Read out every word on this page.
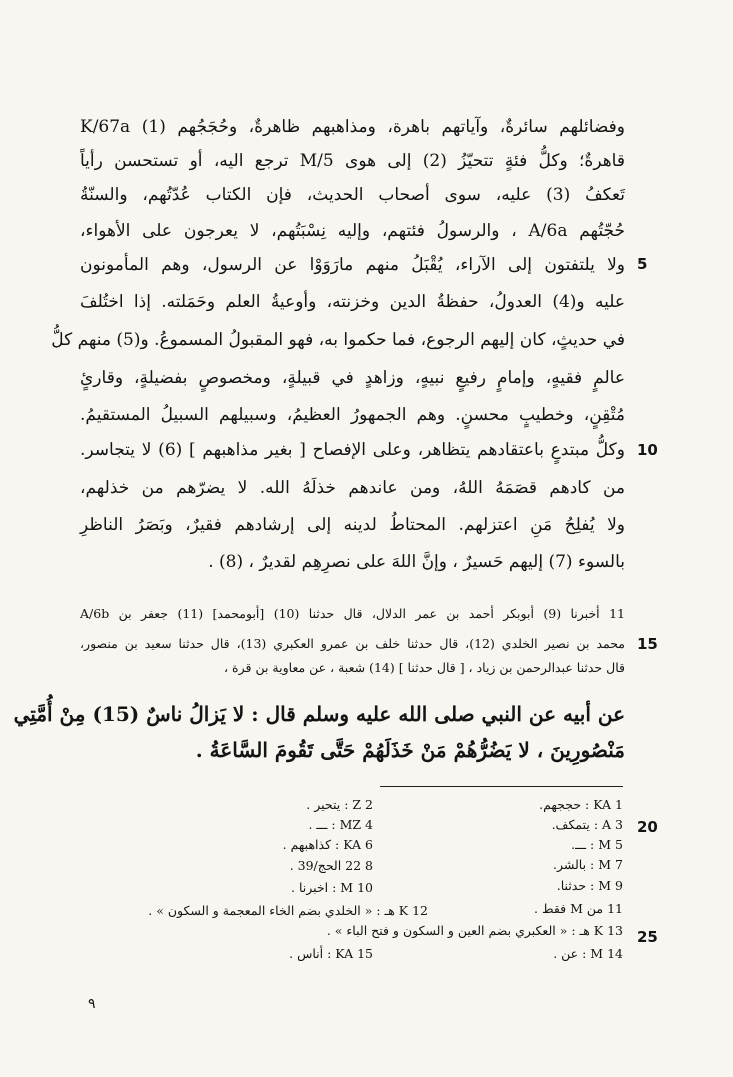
وفضائلهم سائرةٌ، وآياتهم باهرة، ومذاهبهم ظاهرةٌ، وحُجَجُهم (1) K/67a
قاهرةٌ؛ وكلُّ فئةٍ تتحيّزُ (2) إلى هوى M/5 ترجع اليه، أو تستحسن رأياً
تَعكفُ (3) عليه، سوى أصحاب الحديث، فإن الكتاب عُدّتُهم، والسنّةُ
حُجّتُهم A/6a ، والرسولُ فئتهم، وإليه نِسْبَتُهم، لا يعرجون على الأهواء،
ولا يلتفتون إلى الآراء، يُقْبَلُ منهم مارَوَوْا عن الرسول، وهم المأمونون
عليه و(4) العدولُ، حفظةُ الدين وخزنته، وأوعيةُ العلم وحَمَلته. إذا اختُلفَ
في حديثٍ، كان إليهم الرجوع، فما حكموا به، فهو المقبولُ المسموعُ. و(5) منهم كلُّ
عالمٍ فقيهٍ، وإمامٍ رفيعٍ نبيهٍ، وزاهدٍ في قبيلةٍ، ومخصوصٍ بفضيلةٍ، وقارئٍ
مُتْقِنٍ، وخطيبٍ محسنٍ. وهم الجمهورُ العظيمُ، وسبيلهم السبيلُ المستقيمُ.
وكلُّ مبتدعٍ باعتقادهم يتظاهر، وعلى الإفصاح [ بغير مذاهبهم ] (6) لا يتجاسر.
من كادهم قصَمَهُ اللهُ، ومن عاندهم خذلَهُ الله. لا يضرّهم من خذلهم،
ولا يُفلِحُ مَنِ اعتزلهم. المحتاطُ لدينه إلى إرشادهم فقيرٌ، وبَصَرُ الناظرِ
بالسوء (7) إليهم حَسيرٌ ، وإنَّ اللهَ على نصرِهِم لقديرٌ ، (8) .
5
10
15
20
25
11 أخبرنا (9) أبوبكر أحمد بن عمر الدلال، قال حدثنا (10) [أبومحمد] (11) جعفر بن A/6b
محمد بن نصير الخلدي (12)، قال حدثنا خلف بن عمرو العكبري (13)، قال حدثنا سعيد بن منصور،
قال حدثنا عبدالرحمن بن زياد ، [ قال حدثنا ] (14) شعبة ، عن معاوية بن قرة ،
عن أبيه عن النبي صلى الله عليه وسلم قال : لا يَزالُ ناسٌ (15) مِنْ أُمَّتِي
مَنْصُورِينَ ، لا يَضُرُّهُمْ مَنْ خَذَلَهُمْ حَتَّى تَقُومَ السَّاعَةُ .
1 KA : حججهم.
3 A : يتمكف.
5 M : ـــ.
7 M : بالشر.
9 M : حدثنا.
11 من M فقط .
13 K هـ : « العكبري بضم العين و السكون و فتح الباء » .
14 M : عن .
2 Z : يتحير .
4 MZ : ـــ .
6 KA : كذاهبهم .
8 22 الحج/39 .
10 M : اخبرنا .
12 K هـ : « الخلدي بضم الخاء المعجمة و السكون » .
15 KA : أناس .
٩
